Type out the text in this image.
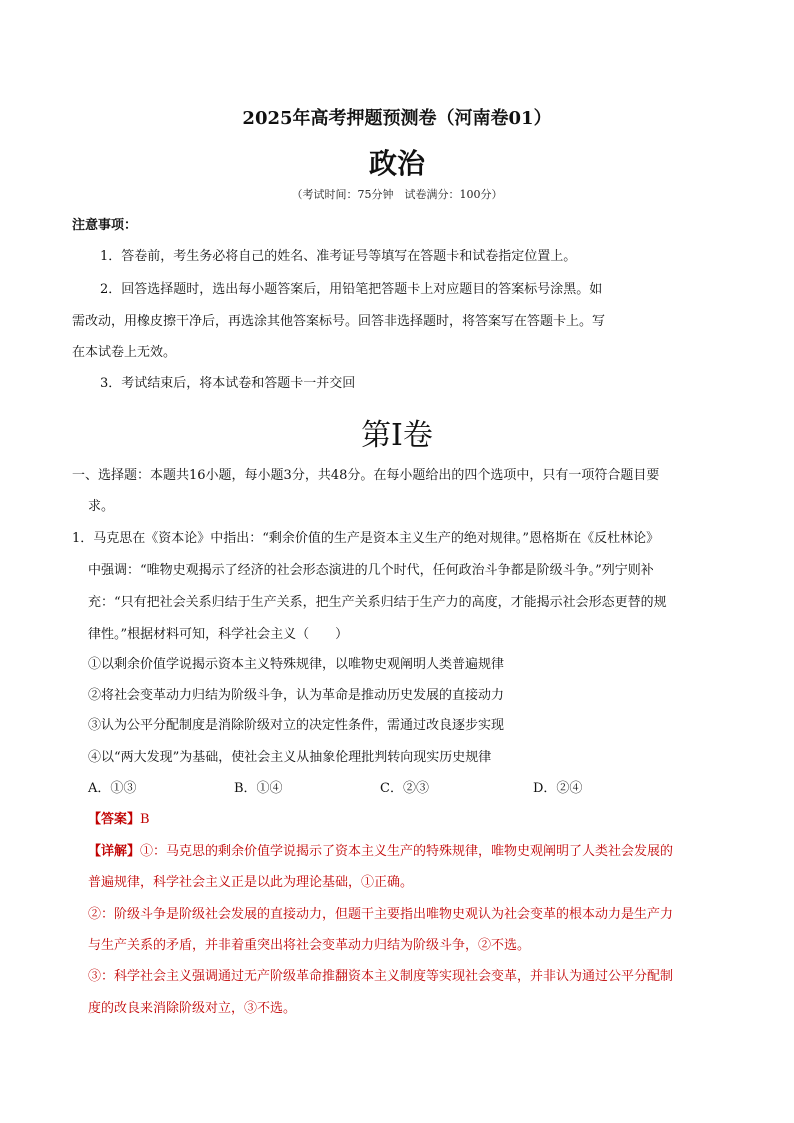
2025年高考押题预测卷（河南卷01）
政治
（考试时间：75分钟　试卷满分：100分）
注意事项：
1．答卷前，考生务必将自己的姓名、准考证号等填写在答题卡和试卷指定位置上。
2．回答选择题时，选出每小题答案后，用铅笔把答题卡上对应题目的答案标号涂黑。如
需改动，用橡皮擦干净后，再选涂其他答案标号。回答非选择题时，将答案写在答题卡上。写
在本试卷上无效。
3．考试结束后，将本试卷和答题卡一并交回
第Ⅰ卷
一、选择题：本题共16小题，每小题3分，共48分。在每小题给出的四个选项中，只有一项符合题目要
求。
1．马克思在《资本论》中指出：“剩余价值的生产是资本主义生产的绝对规律。”恩格斯在《反杜林论》
中强调：“唯物史观揭示了经济的社会形态演进的几个时代，任何政治斗争都是阶级斗争。”列宁则补
充：“只有把社会关系归结于生产关系，把生产关系归结于生产力的高度，才能揭示社会形态更替的规
律性。”根据材料可知，科学社会主义（　　）
①以剩余价值学说揭示资本主义特殊规律，以唯物史观阐明人类普遍规律
②将社会变革动力归结为阶级斗争，认为革命是推动历史发展的直接动力
③认为公平分配制度是消除阶级对立的决定性条件，需通过改良逐步实现
④以“两大发现”为基础，使社会主义从抽象伦理批判转向现实历史规律
A．①③	B．①④	C．②③	D．②④
【答案】B
【详解】①：马克思的剩余价值学说揭示了资本主义生产的特殊规律，唯物史观阐明了人类社会发展的
普遍规律，科学社会主义正是以此为理论基础，①正确。
②：阶级斗争是阶级社会发展的直接动力，但题干主要指出唯物史观认为社会变革的根本动力是生产力
与生产关系的矛盾，并非着重突出将社会变革动力归结为阶级斗争，②不选。
③：科学社会主义强调通过无产阶级革命推翻资本主义制度等实现社会变革，并非认为通过公平分配制
度的改良来消除阶级对立，③不选。
